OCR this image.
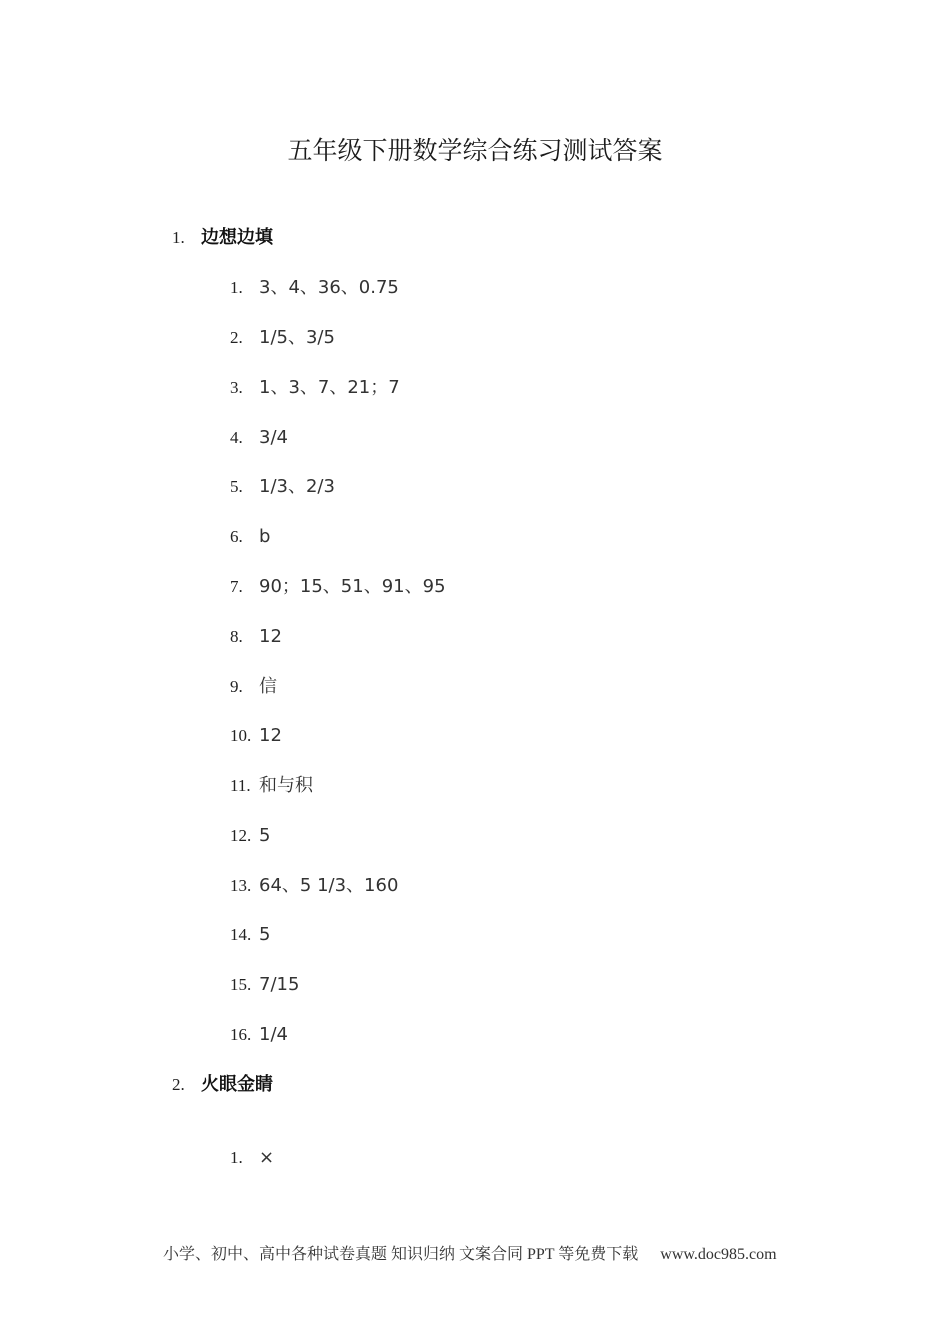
五年级下册数学综合练习测试答案
1. 边想边填
1. 3、4、36、0.75
2. 1/5、3/5
3. 1、3、7、21；7
4. 3/4
5. 1/3、2/3
6. b
7. 90；15、51、91、95
8. 12
9. 信
10. 12
11. 和与积
12. 5
13. 64、5 1/3、160
14. 5
15. 7/15
16. 1/4
2. 火眼金睛
1. ×
小学、初中、高中各种试卷真题 知识归纳 文案合同 PPT 等免费下载 www.doc985.com
